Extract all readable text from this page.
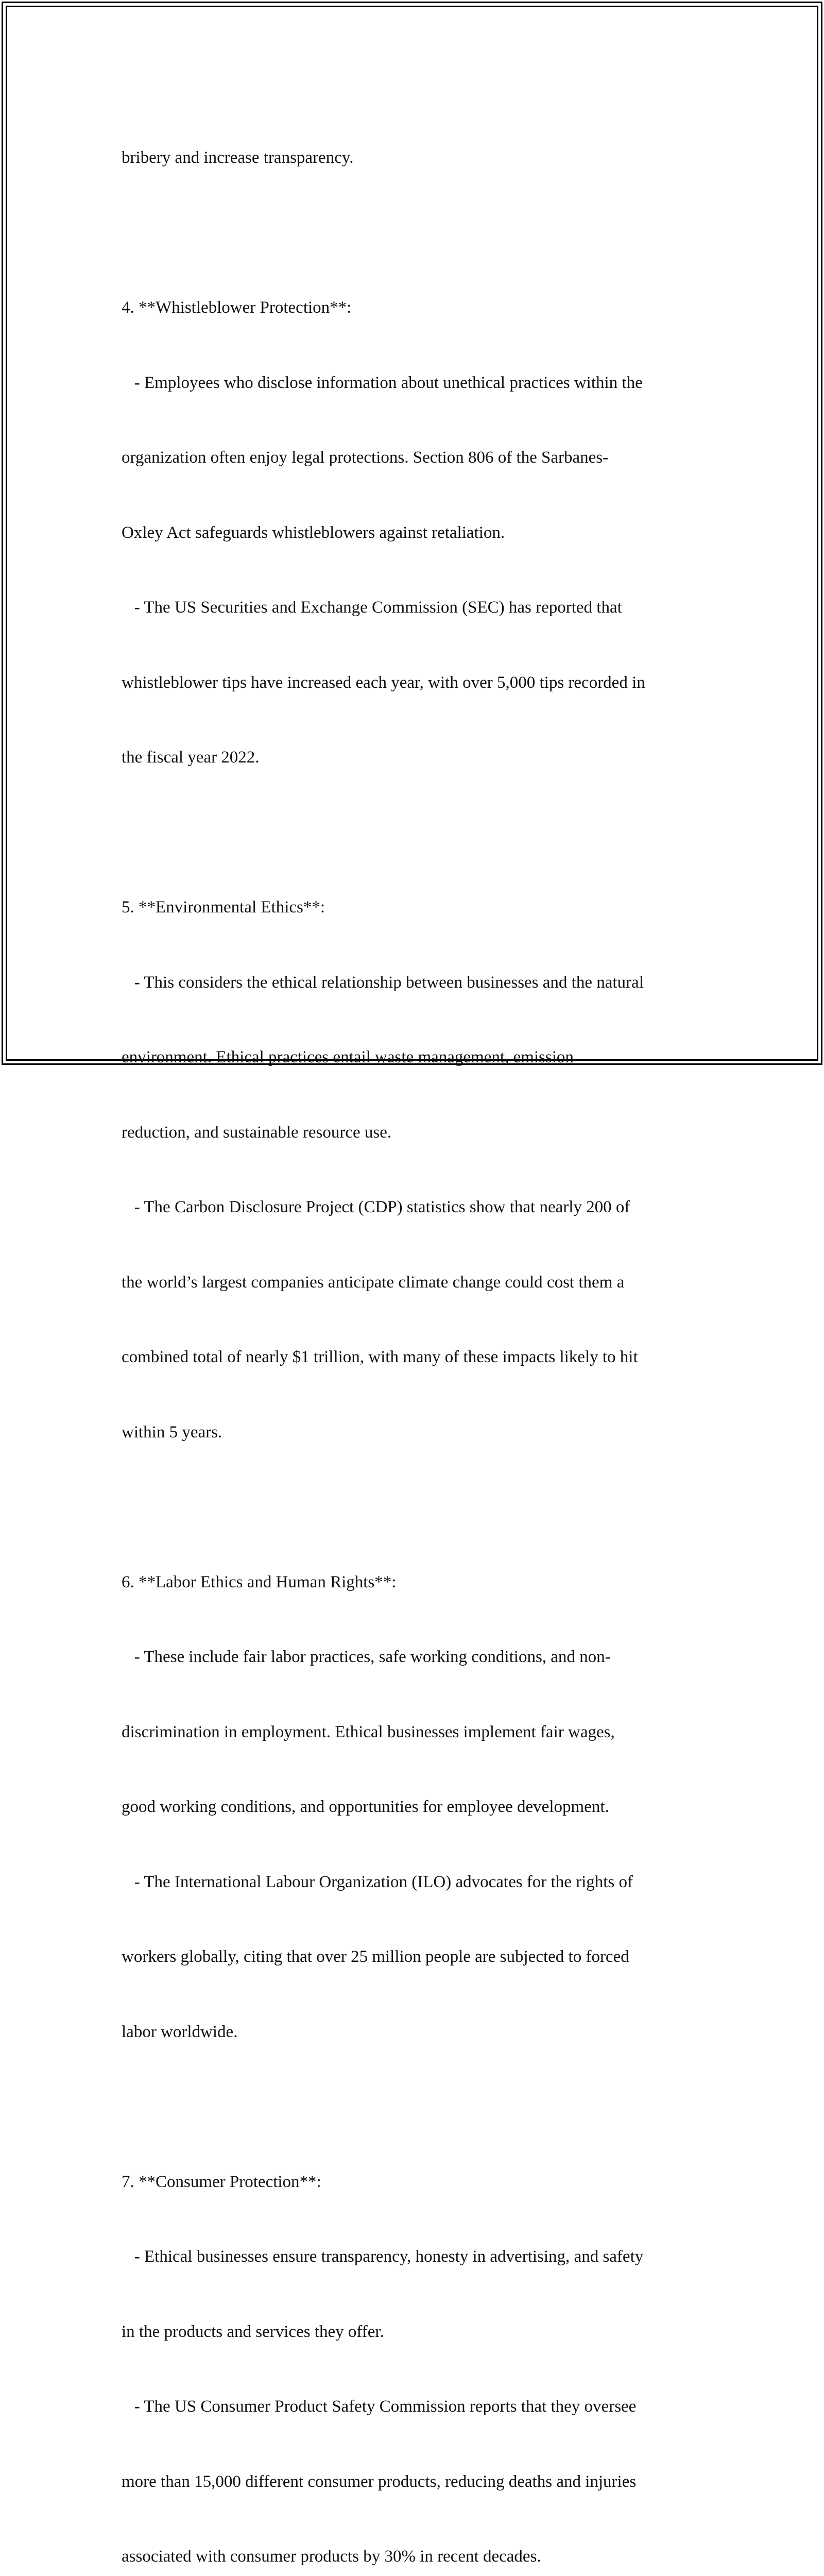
bribery and increase transparency.

4. **Whistleblower Protection**:

- Employees who disclose information about unethical practices within the

organization often enjoy legal protections. Section 806 of the Sarbanes-

Oxley Act safeguards whistleblowers against retaliation.

- The US Securities and Exchange Commission (SEC) has reported that

whistleblower tips have increased each year, with over 5,000 tips recorded in

the fiscal year 2022.

5. **Environmental Ethics**:

- This considers the ethical relationship between businesses and the natural

environment. Ethical practices entail waste management, emission

reduction, and sustainable resource use.

- The Carbon Disclosure Project (CDP) statistics show that nearly 200 of

the world’s largest companies anticipate climate change could cost them a

combined total of nearly $1 trillion, with many of these impacts likely to hit

within 5 years.

6. **Labor Ethics and Human Rights**:

- These include fair labor practices, safe working conditions, and non-

discrimination in employment. Ethical businesses implement fair wages,

good working conditions, and opportunities for employee development.

- The International Labour Organization (ILO) advocates for the rights of

workers globally, citing that over 25 million people are subjected to forced

labor worldwide.

7. **Consumer Protection**:

- Ethical businesses ensure transparency, honesty in advertising, and safety

in the products and services they offer.

- The US Consumer Product Safety Commission reports that they oversee

more than 15,000 different consumer products, reducing deaths and injuries

associated with consumer products by 30% in recent decades.
